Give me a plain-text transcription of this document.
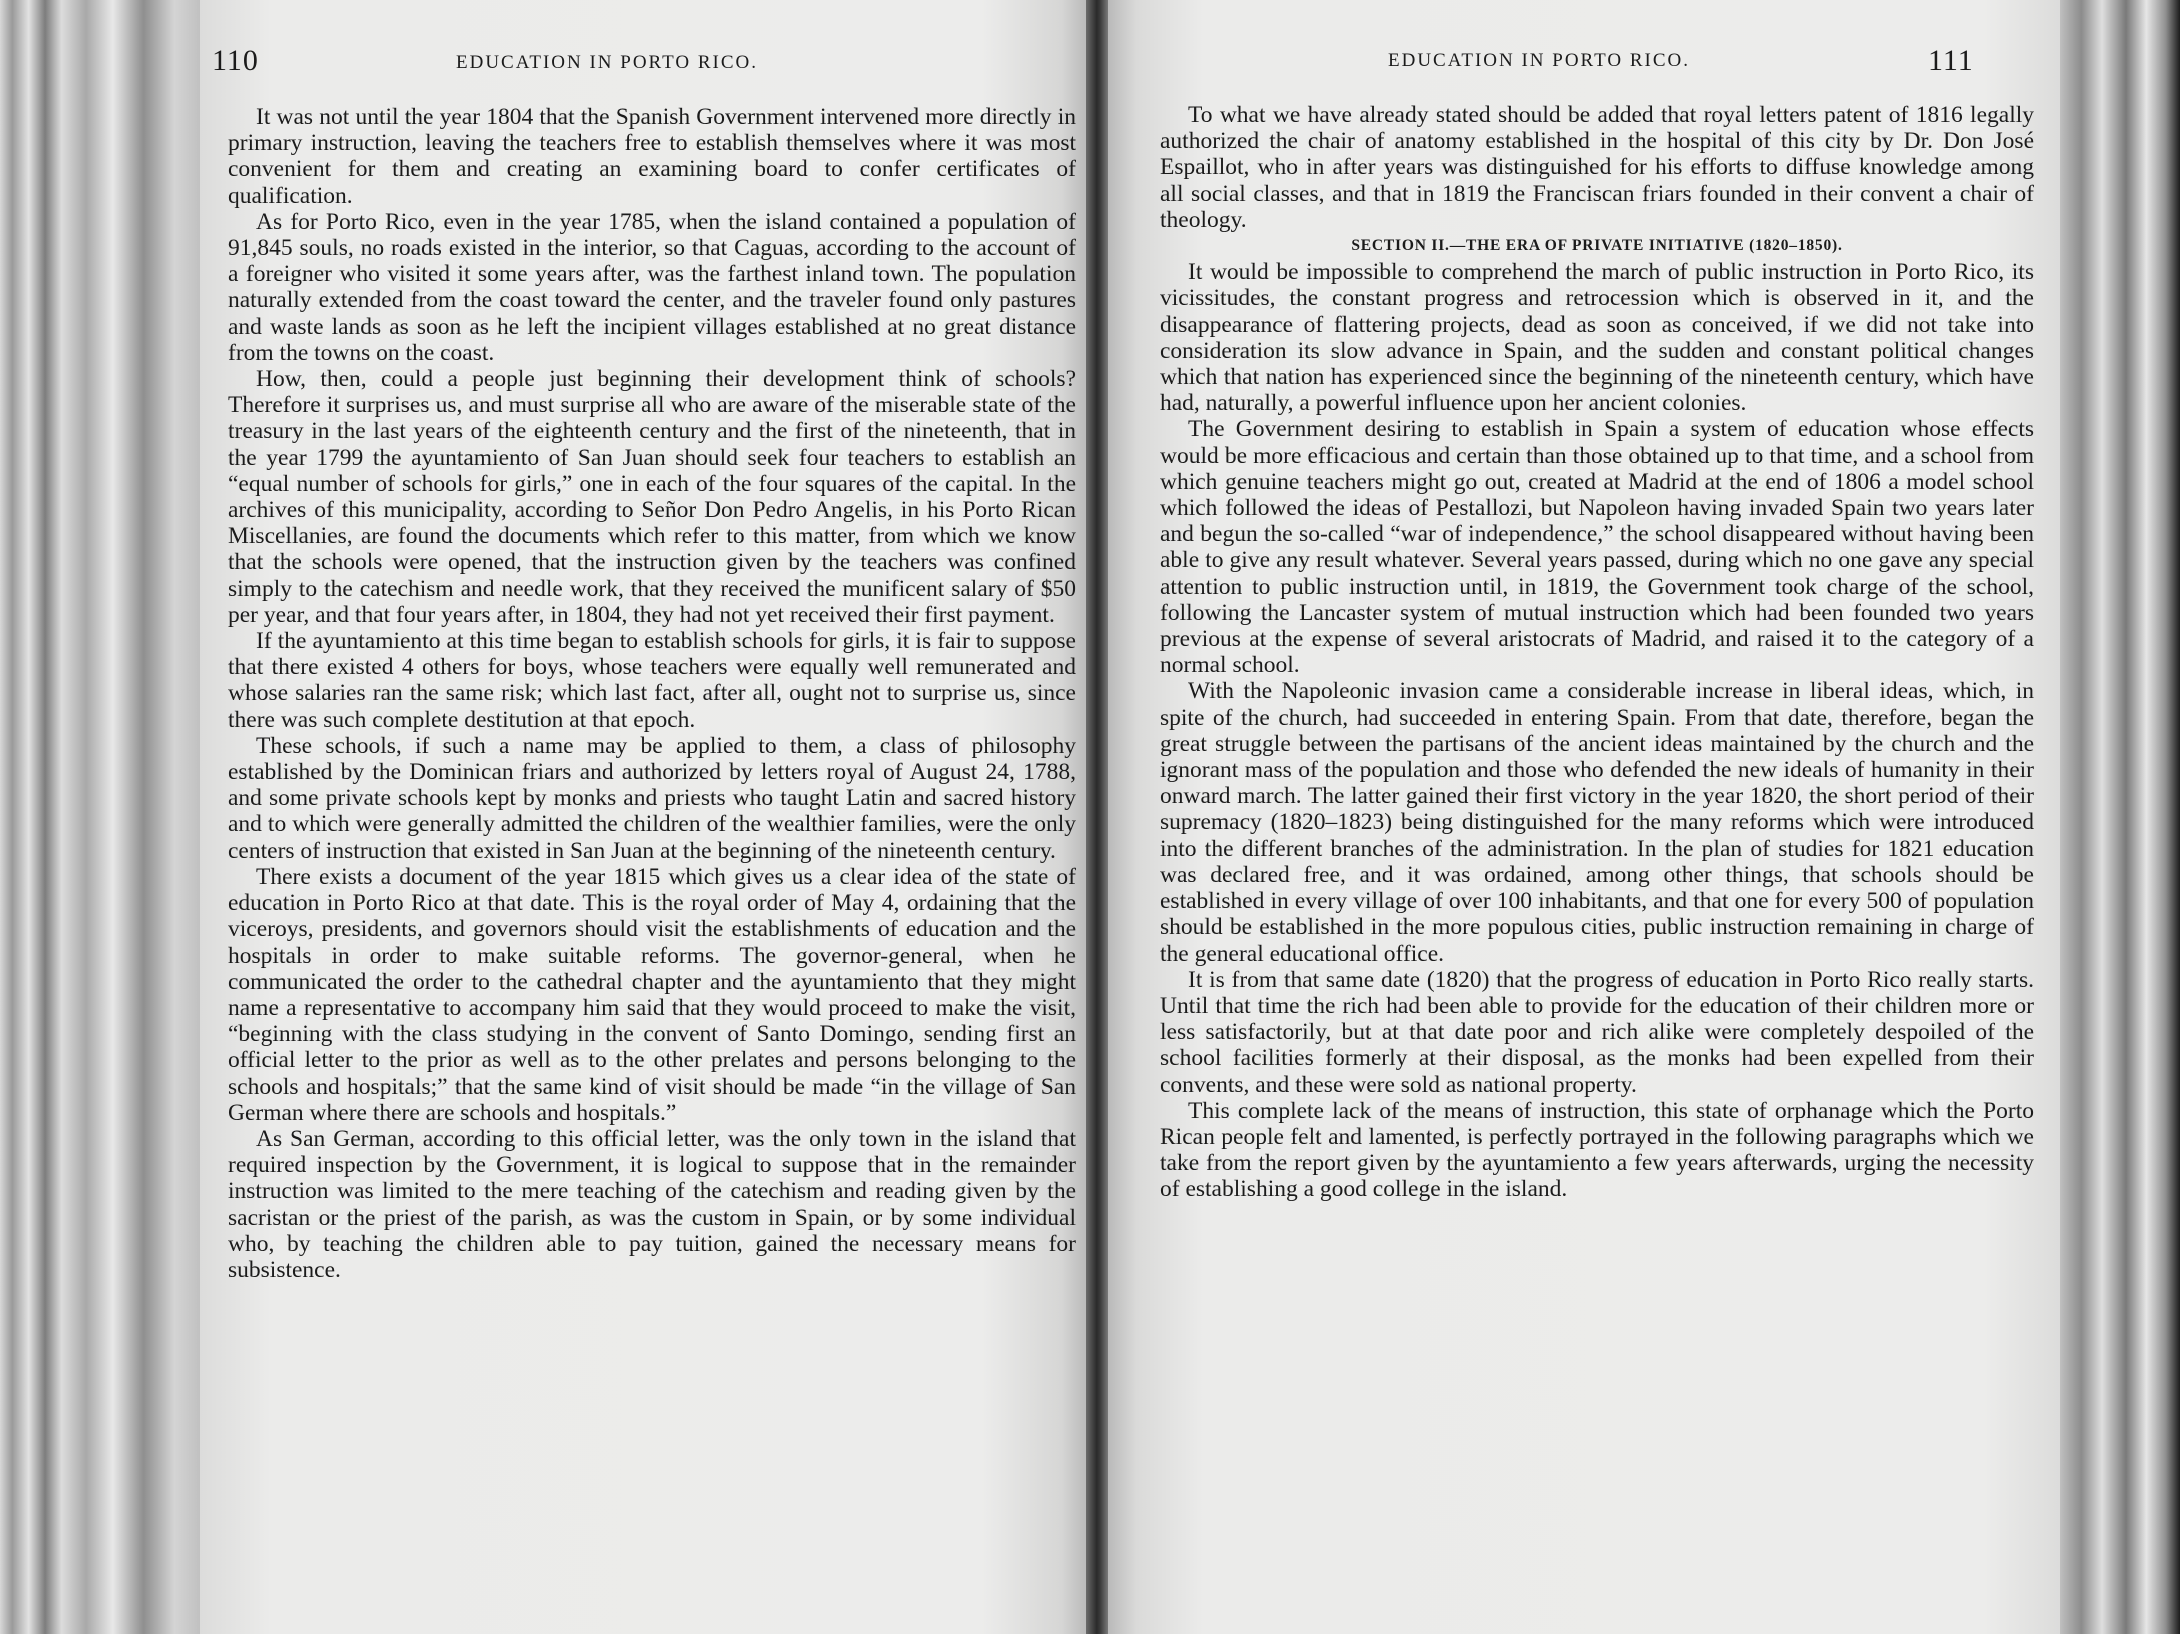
110	EDUCATION IN PORTO RICO.

It was not until the year 1804 that the Spanish Government intervened more directly in primary instruction, leaving the teachers free to establish themselves where it was most convenient for them and creating an examining board to confer certificates of qualification.

As for Porto Rico, even in the year 1785, when the island contained a population of 91,845 souls, no roads existed in the interior, so that Caguas, according to the account of a foreigner who visited it some years after, was the farthest inland town. The population naturally extended from the coast toward the center, and the traveler found only pastures and waste lands as soon as he left the incipient villages established at no great distance from the towns on the coast.

How, then, could a people just beginning their development think of schools? Therefore it surprises us, and must surprise all who are aware of the miserable state of the treasury in the last years of the eighteenth century and the first of the nineteenth, that in the year 1799 the ayuntamiento of San Juan should seek four teachers to establish an “equal number of schools for girls,” one in each of the four squares of the capital. In the archives of this municipality, according to Señor Don Pedro Angelis, in his Porto Rican Miscellanies, are found the documents which refer to this matter, from which we know that the schools were opened, that the instruction given by the teachers was confined simply to the catechism and needle work, that they received the munificent salary of $50 per year, and that four years after, in 1804, they had not yet received their first payment.

If the ayuntamiento at this time began to establish schools for girls, it is fair to suppose that there existed 4 others for boys, whose teachers were equally well remunerated and whose salaries ran the same risk; which last fact, after all, ought not to surprise us, since there was such complete destitution at that epoch.

These schools, if such a name may be applied to them, a class of philosophy established by the Dominican friars and authorized by letters royal of August 24, 1788, and some private schools kept by monks and priests who taught Latin and sacred history and to which were generally admitted the children of the wealthier families, were the only centers of instruction that existed in San Juan at the beginning of the nineteenth century.

There exists a document of the year 1815 which gives us a clear idea of the state of education in Porto Rico at that date. This is the royal order of May 4, ordaining that the viceroys, presidents, and governors should visit the establishments of education and the hospitals in order to make suitable reforms. The governor-general, when he communicated the order to the cathedral chapter and the ayuntamiento that they might name a representative to accompany him said that they would proceed to make the visit, “beginning with the class studying in the convent of Santo Domingo, sending first an official letter to the prior as well as to the other prelates and persons belonging to the schools and hospitals;” that the same kind of visit should be made “in the village of San German where there are schools and hospitals.”

As San German, according to this official letter, was the only town in the island that required inspection by the Government, it is logical to suppose that in the remainder instruction was limited to the mere teaching of the catechism and reading given by the sacristan or the priest of the parish, as was the custom in Spain, or by some individual who, by teaching the children able to pay tuition, gained the necessary means for subsistence.

EDUCATION IN PORTO RICO.	111

To what we have already stated should be added that royal letters patent of 1816 legally authorized the chair of anatomy established in the hospital of this city by Dr. Don José Espaillot, who in after years was distinguished for his efforts to diffuse knowledge among all social classes, and that in 1819 the Franciscan friars founded in their convent a chair of theology.

SECTION II.—THE ERA OF PRIVATE INITIATIVE (1820–1850).

It would be impossible to comprehend the march of public instruction in Porto Rico, its vicissitudes, the constant progress and retrocession which is observed in it, and the disappearance of flattering projects, dead as soon as conceived, if we did not take into consideration its slow advance in Spain, and the sudden and constant political changes which that nation has experienced since the beginning of the nineteenth century, which have had, naturally, a powerful influence upon her ancient colonies.

The Government desiring to establish in Spain a system of education whose effects would be more efficacious and certain than those obtained up to that time, and a school from which genuine teachers might go out, created at Madrid at the end of 1806 a model school which followed the ideas of Pestallozi, but Napoleon having invaded Spain two years later and begun the so-called “war of independence,” the school disappeared without having been able to give any result whatever. Several years passed, during which no one gave any special attention to public instruction until, in 1819, the Government took charge of the school, following the Lancaster system of mutual instruction which had been founded two years previous at the expense of several aristocrats of Madrid, and raised it to the category of a normal school.

With the Napoleonic invasion came a considerable increase in liberal ideas, which, in spite of the church, had succeeded in entering Spain. From that date, therefore, began the great struggle between the partisans of the ancient ideas maintained by the church and the ignorant mass of the population and those who defended the new ideals of humanity in their onward march. The latter gained their first victory in the year 1820, the short period of their supremacy (1820–1823) being distinguished for the many reforms which were introduced into the different branches of the administration. In the plan of studies for 1821 education was declared free, and it was ordained, among other things, that schools should be established in every village of over 100 inhabitants, and that one for every 500 of population should be established in the more populous cities, public instruction remaining in charge of the general educational office.

It is from that same date (1820) that the progress of education in Porto Rico really starts. Until that time the rich had been able to provide for the education of their children more or less satisfactorily, but at that date poor and rich alike were completely despoiled of the school facilities formerly at their disposal, as the monks had been expelled from their convents, and these were sold as national property.

This complete lack of the means of instruction, this state of orphanage which the Porto Rican people felt and lamented, is perfectly portrayed in the following paragraphs which we take from the report given by the ayuntamiento a few years afterwards, urging the necessity of establishing a good college in the island.
